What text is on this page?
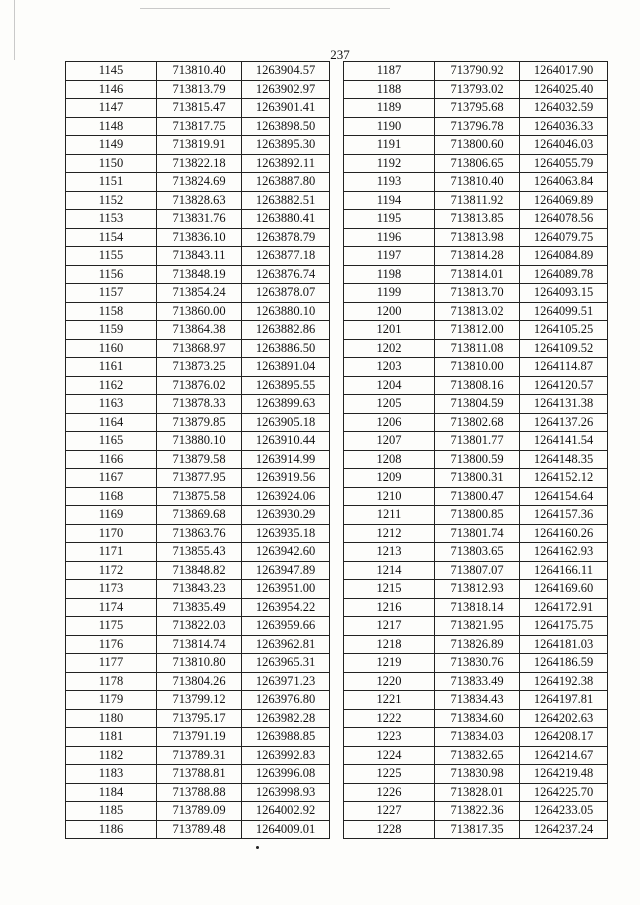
237
1145	713810.40	1263904.57
1146	713813.79	1263902.97
1147	713815.47	1263901.41
1148	713817.75	1263898.50
1149	713819.91	1263895.30
1150	713822.18	1263892.11
1151	713824.69	1263887.80
1152	713828.63	1263882.51
1153	713831.76	1263880.41
1154	713836.10	1263878.79
1155	713843.11	1263877.18
1156	713848.19	1263876.74
1157	713854.24	1263878.07
1158	713860.00	1263880.10
1159	713864.38	1263882.86
1160	713868.97	1263886.50
1161	713873.25	1263891.04
1162	713876.02	1263895.55
1163	713878.33	1263899.63
1164	713879.85	1263905.18
1165	713880.10	1263910.44
1166	713879.58	1263914.99
1167	713877.95	1263919.56
1168	713875.58	1263924.06
1169	713869.68	1263930.29
1170	713863.76	1263935.18
1171	713855.43	1263942.60
1172	713848.82	1263947.89
1173	713843.23	1263951.00
1174	713835.49	1263954.22
1175	713822.03	1263959.66
1176	713814.74	1263962.81
1177	713810.80	1263965.31
1178	713804.26	1263971.23
1179	713799.12	1263976.80
1180	713795.17	1263982.28
1181	713791.19	1263988.85
1182	713789.31	1263992.83
1183	713788.81	1263996.08
1184	713788.88	1263998.93
1185	713789.09	1264002.92
1186	713789.48	1264009.01
1187	713790.92	1264017.90
1188	713793.02	1264025.40
1189	713795.68	1264032.59
1190	713796.78	1264036.33
1191	713800.60	1264046.03
1192	713806.65	1264055.79
1193	713810.40	1264063.84
1194	713811.92	1264069.89
1195	713813.85	1264078.56
1196	713813.98	1264079.75
1197	713814.28	1264084.89
1198	713814.01	1264089.78
1199	713813.70	1264093.15
1200	713813.02	1264099.51
1201	713812.00	1264105.25
1202	713811.08	1264109.52
1203	713810.00	1264114.87
1204	713808.16	1264120.57
1205	713804.59	1264131.38
1206	713802.68	1264137.26
1207	713801.77	1264141.54
1208	713800.59	1264148.35
1209	713800.31	1264152.12
1210	713800.47	1264154.64
1211	713800.85	1264157.36
1212	713801.74	1264160.26
1213	713803.65	1264162.93
1214	713807.07	1264166.11
1215	713812.93	1264169.60
1216	713818.14	1264172.91
1217	713821.95	1264175.75
1218	713826.89	1264181.03
1219	713830.76	1264186.59
1220	713833.49	1264192.38
1221	713834.43	1264197.81
1222	713834.60	1264202.63
1223	713834.03	1264208.17
1224	713832.65	1264214.67
1225	713830.98	1264219.48
1226	713828.01	1264225.70
1227	713822.36	1264233.05
1228	713817.35	1264237.24
